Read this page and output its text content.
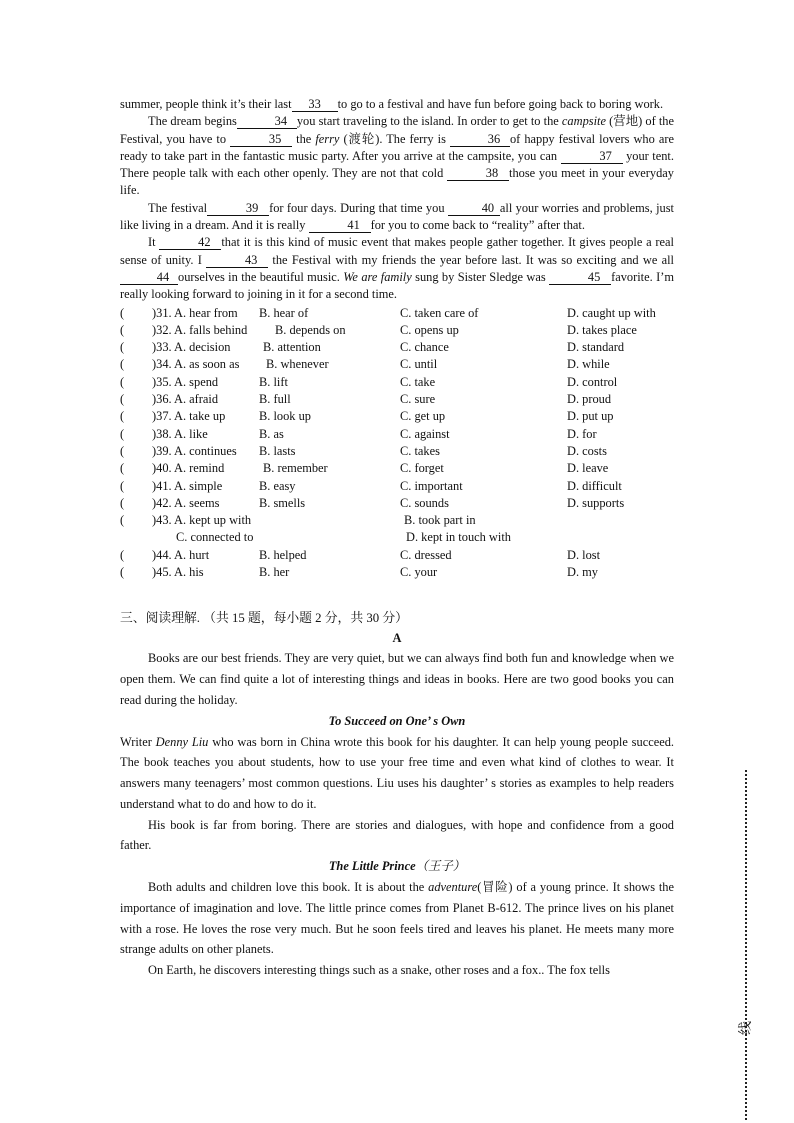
summer, people think it’s their last 33 to go to a festival and have fun before going back to boring work.

The dream begins	34 you start traveling to the island. In order to get to the campsite (营地) of the Festival, you have to	35 the ferry (渡轮). The ferry is	36 of happy festival lovers who are ready to take part in the fantastic music party. After you arrive at the campsite, you can	37 your tent. There people talk with each other openly. They are not that cold	38 those you meet in your everyday life.

The festival	39 for four days. During that time you	40 all your worries and problems, just like living in a dream. And it is really	41 for you to come back to “reality” after that.

It	42 that it is this kind of music event that makes people gather together. It gives people a real sense of unity. I	43 the Festival with my friends the year before last. It was so exciting and we all 44 ourselves in the beautiful music. We are family sung by Sister Sledge was	45 favorite. I’m really looking forward to joining in it for a second time.

( )31. A. hear from B. hear of	C. taken care of	D. caught up with
( )32. A. falls behind B. depends on	C. opens up	D. takes place
( )33. A. decision	B. attention	C. chance	D. standard
( )34. A. as soon as B. whenever	C. until	D. while
( )35. A. spend	B. lift	C. take	D. control
( )36. A. afraid	B. full	C. sure	D. proud
( )37. A. take up	B. look up	C. get up	D. put up
( )38. A. like	B. as	C. against	D. for
( )39. A. continues B. lasts	C. takes	D. costs
( )40. A. remind	B. remember	C. forget	D. leave
( )41. A. simple	B. easy	C. important	D. difficult
( )42. A. seems	B. smells	C. sounds	D. supports
( )43. A. kept up with	B. took part in
C. connected to	D. kept in touch with
( )44. A. hurt	B. helped	C. dressed	D. lost
( )45. A. his	B. her	C. your	D. my
三、阅读理解. （共 15 题，每小题 2 分，共 30 分）
A

Books are our best friends. They are very quiet, but we can always find both fun and knowledge when we open them. We can find quite a lot of interesting things and ideas in books. Here are two good books you can read during the holiday.

To Succeed on One’ s Own

Writer Denny Liu who was born in China wrote this book for his daughter. It can help young people succeed. The book teaches you about students, how to use your free time and even what kind of clothes to wear. It answers many teenagers’ most common questions. Liu uses his daughter’ s stories as examples to help readers understand what to do and how to do it.

His book is far from boring. There are stories and dialogues, with hope and confidence from a good father.

The Little Prince（王子）

Both adults and children love this book. It is about the adventure(冒险) of a young prince. It shows the importance of imagination and love. The little prince comes from Planet B-612. The prince lives on his planet with a rose. He loves the rose very much. But he soon feels tired and leaves his planet. He meets many more strange adults on other planets.

On Earth, he discovers interesting things such as a snake, other roses and a fox.. The fox tells

线
